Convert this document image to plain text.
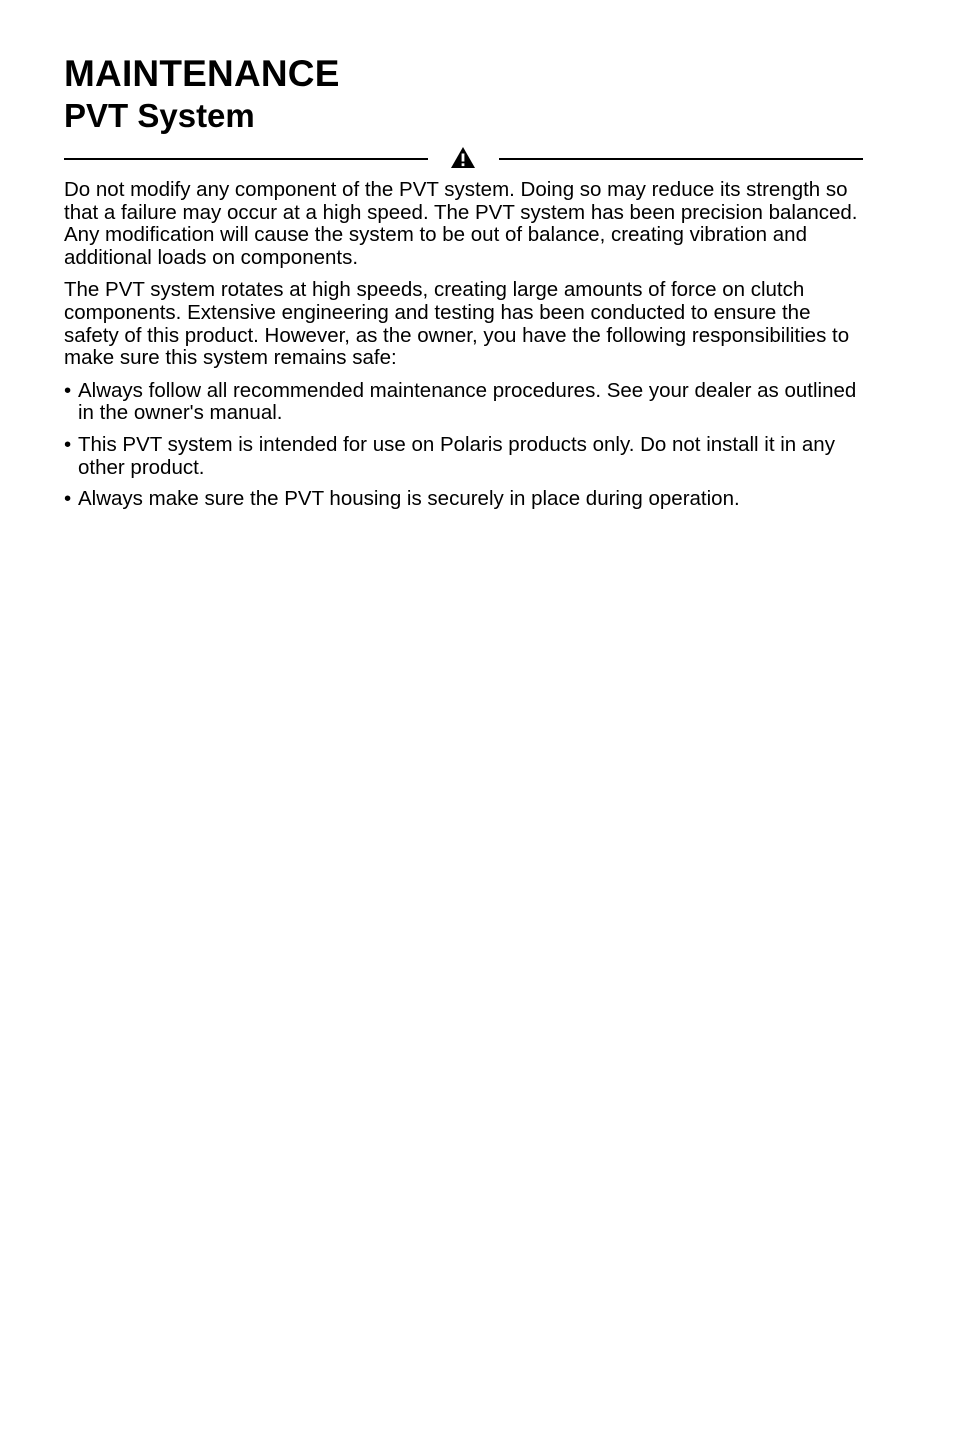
MAINTENANCE
PVT System

Do not modify any component of the PVT system. Doing so may reduce its strength so that a failure may occur at a high speed. The PVT system has been precision balanced. Any modification will cause the system to be out of balance, creating vibration and additional loads on components.

The PVT system rotates at high speeds, creating large amounts of force on clutch components. Extensive engineering and testing has been conducted to ensure the safety of this product. However, as the owner, you have the following responsibilities to make sure this system remains safe:

• Always follow all recommended maintenance procedures. See your dealer as outlined in the owner's manual.
• This PVT system is intended for use on Polaris products only. Do not install it in any other product.
• Always make sure the PVT housing is securely in place during operation.
